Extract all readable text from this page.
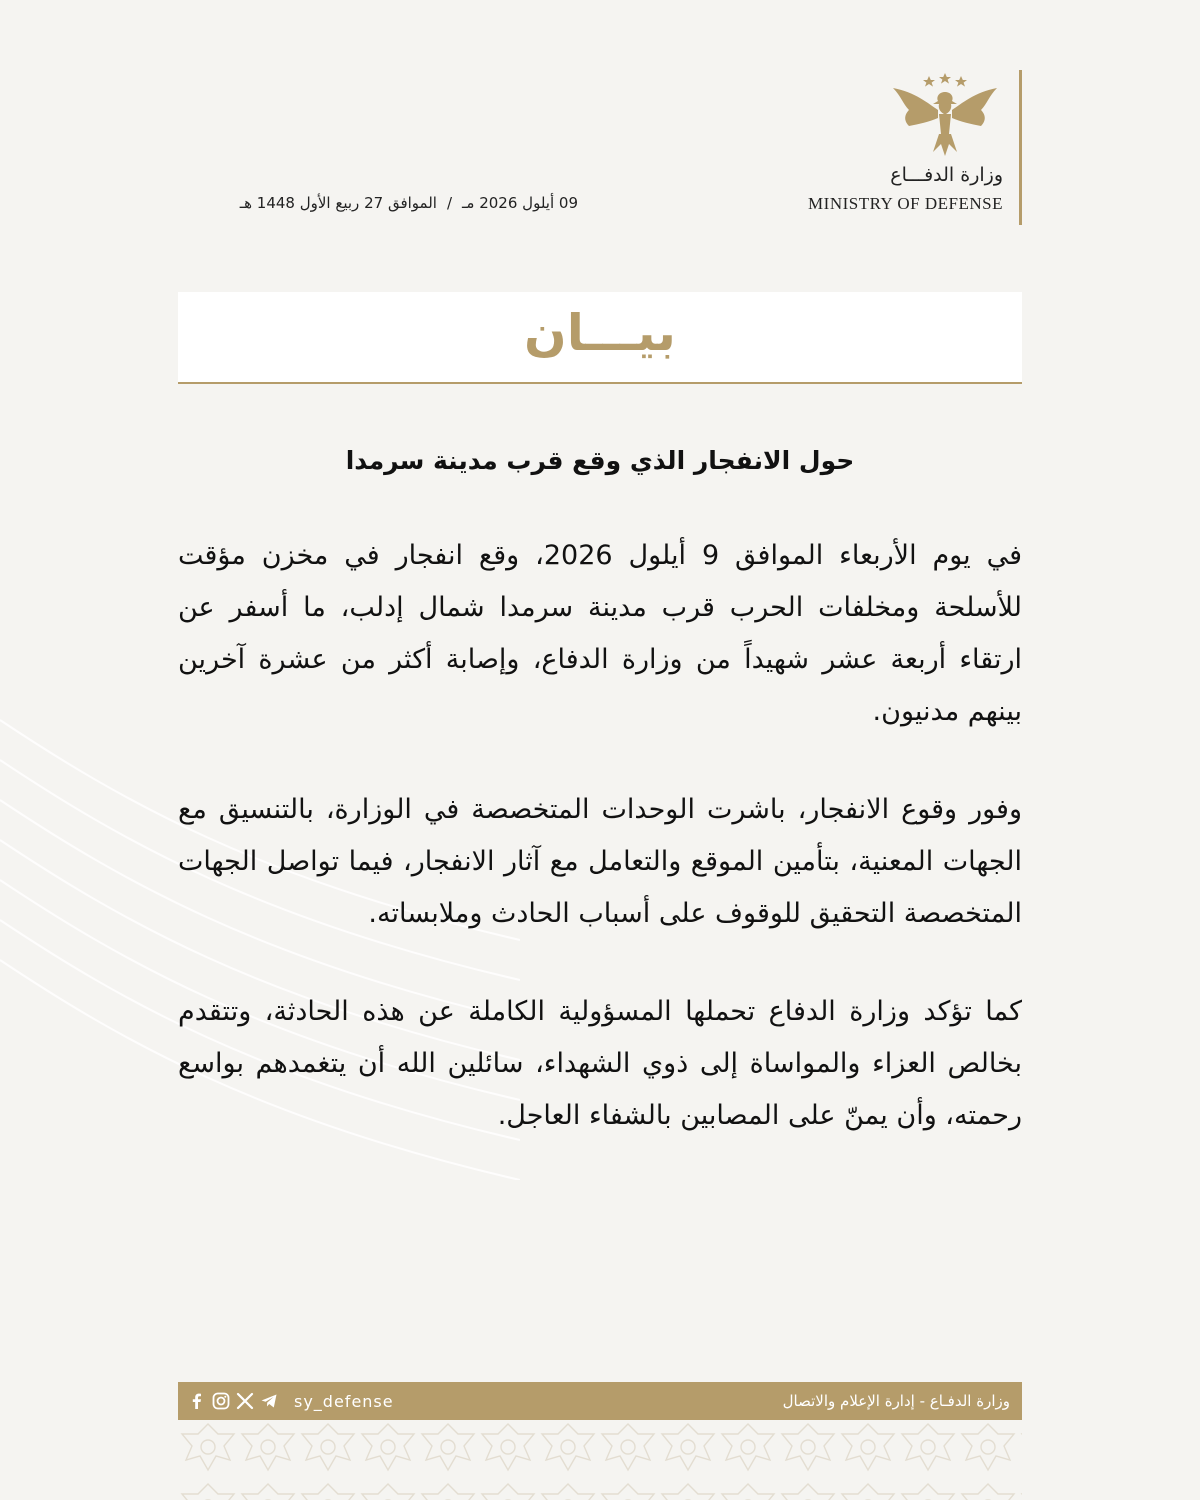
09 أيلول 2026 مـ/الموافق 27 ربيع الأول 1448 هـ
وزارة الدفـــاع
MINISTRY OF DEFENSE
بيـــان
حول الانفجار الذي وقع قرب مدينة سرمدا

في يوم الأربعاء الموافق 9 أيلول 2026، وقع انفجار في مخزن مؤقت للأسلحة ومخلفات الحرب قرب مدينة سرمدا شمال إدلب، ما أسفر عن ارتقاء أربعة عشر شهيداً من وزارة الدفاع، وإصابة أكثر من عشرة آخرين بينهم مدنيون.

وفور وقوع الانفجار، باشرت الوحدات المتخصصة في الوزارة، بالتنسيق مع الجهات المعنية، بتأمين الموقع والتعامل مع آثار الانفجار، فيما تواصل الجهات المتخصصة التحقيق للوقوف على أسباب الحادث وملابساته.

كما تؤكد وزارة الدفاع تحملها المسؤولية الكاملة عن هذه الحادثة، وتتقدم بخالص العزاء والمواساة إلى ذوي الشهداء، سائلين الله أن يتغمدهم بواسع رحمته، وأن يمنّ على المصابين بالشفاء العاجل.

sy_defense	وزارة الدفـاع - إدارة الإعلام والاتصال
